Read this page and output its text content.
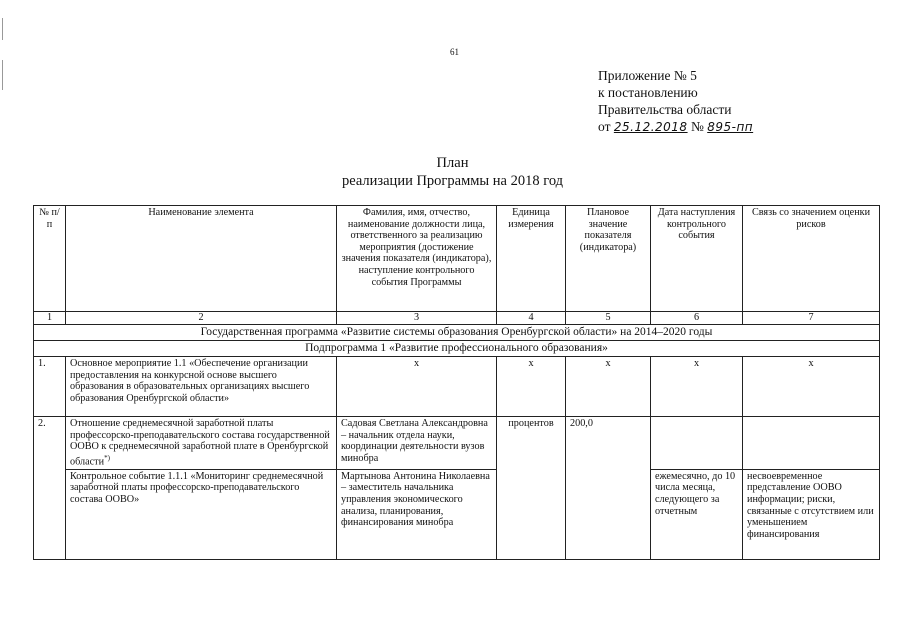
61
Приложение № 5
к постановлению
Правительства области
от 25.12.2018 № 895-пп
План
реализации Программы на 2018 год
№ п/п	Наименование элемента	Фамилия, имя, отчество, наименование должности лица, ответственного за реализацию мероприятия (достижение значения показателя (индикатора), наступление контрольного события Программы	Единица измерения	Плановое значение показателя (индикатора)	Дата наступления контрольного события	Связь со значением оценки рисков
1	2	3	4	5	6	7
Государственная программа «Развитие системы образования Оренбургской области» на 2014–2020 годы						
Подпрограмма 1 «Развитие профессионального образования»						
1.	Основное мероприятие 1.1 «Обеспечение организации предоставления на конкурсной основе высшего образования в образовательных организациях высшего образования Оренбургской области»	х	х	х	х	х
2.	Отношение среднемесячной заработной платы профессорско-преподавательского состава государственной ООВО к среднемесячной заработной плате в Оренбургской области*)	Садовая Светлана Александровна – начальник отдела науки, координации деятельности вузов минобра	процентов	200,0		
	Контрольное событие 1.1.1 «Мониторинг среднемесячной заработной платы профессорско-преподавательского состава ООВО»	Мартынова Антонина Николаевна – заместитель начальника управления экономического анализа, планирования, финансирования минобра			ежемесячно, до 10 числа месяца, следующего за отчетным	несвоевременное представление ООВО информации; риски, связанные с отсутствием или уменьшением финансирования
